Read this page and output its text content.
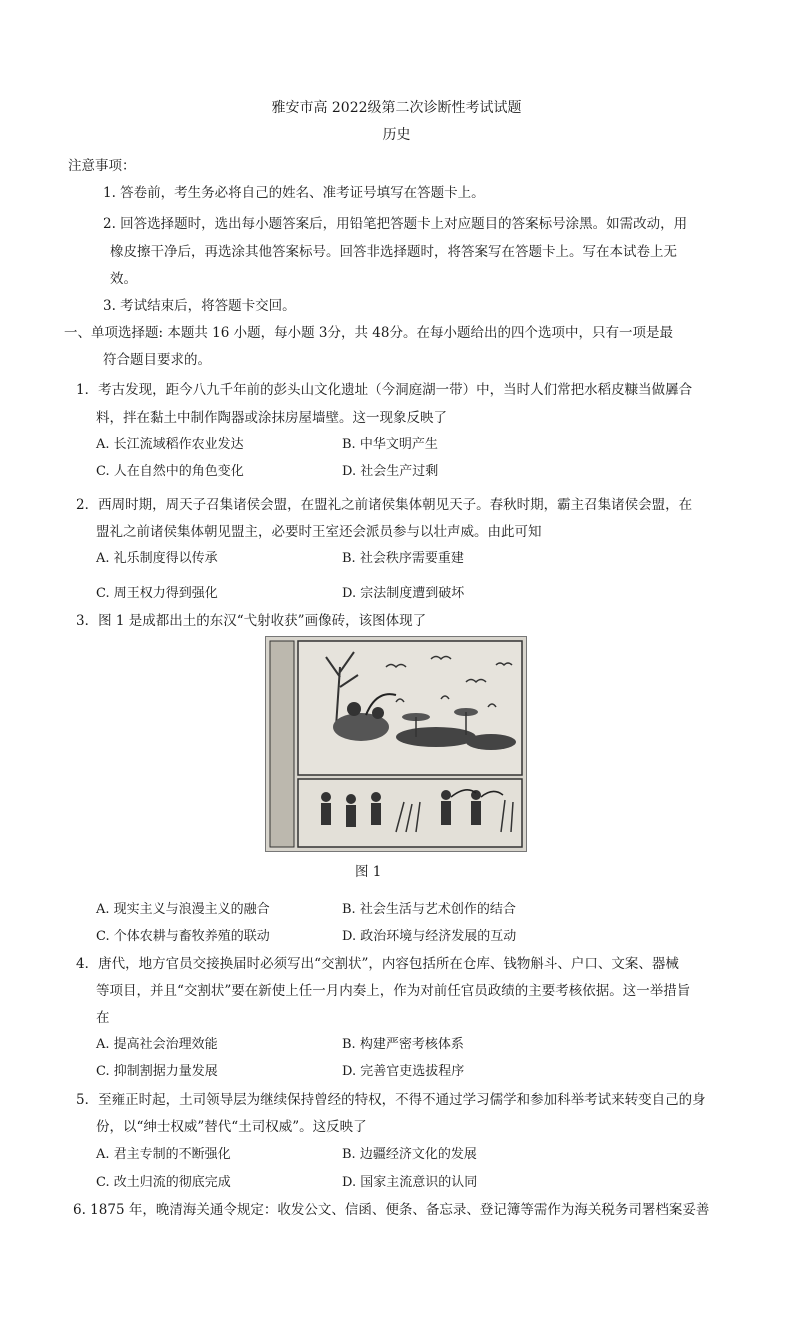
雅安市高 2022级第二次诊断性考试试题
历史
注意事项：
1. 答卷前，考生务必将自己的姓名、准考证号填写在答题卡上。
2. 回答选择题时，选出每小题答案后，用铅笔把答题卡上对应题目的答案标号涂黑。如需改动，用
橡皮擦干净后，再选涂其他答案标号。回答非选择题时，将答案写在答题卡上。写在本试卷上无
效。
3. 考试结束后，将答题卡交回。
一、单项选择题: 本题共 16 小题，每小题 3分，共 48分。在每小题给出的四个选项中，只有一项是最
符合题目要求的。
1．考古发现，距今八九千年前的彭头山文化遗址（今洞庭湖一带）中，当时人们常把水稻皮糠当做羼合
料，拌在黏土中制作陶器或涂抹房屋墙壁。这一现象反映了
A. 长江流域稻作农业发达	B. 中华文明产生
C. 人在自然中的角色变化	D. 社会生产过剩
2．西周时期，周天子召集诸侯会盟，在盟礼之前诸侯集体朝见天子。春秋时期，霸主召集诸侯会盟，在
盟礼之前诸侯集体朝见盟主，必要时王室还会派员参与以壮声威。由此可知
A. 礼乐制度得以传承	B. 社会秩序需要重建
C. 周王权力得到强化	D. 宗法制度遭到破坏
3．图 1 是成都出土的东汉“弋射收获”画像砖，该图体现了
图 1
A. 现实主义与浪漫主义的融合	B. 社会生活与艺术创作的结合
C. 个体农耕与畜牧养殖的联动	D. 政治环境与经济发展的互动
4．唐代，地方官员交接换届时必须写出“交割状”，内容包括所在仓库、钱物斛斗、户口、文案、器械
等项目，并且“交割状”要在新使上任一月内奏上，作为对前任官员政绩的主要考核依据。这一举措旨
在
A. 提高社会治理效能	B. 构建严密考核体系
C. 抑制割据力量发展	D. 完善官吏选拔程序
5．至雍正时起，土司领导层为继续保持曾经的特权，不得不通过学习儒学和参加科举考试来转变自己的身
份，以“绅士权威”替代“土司权威”。这反映了
A. 君主专制的不断强化	B. 边疆经济文化的发展
C. 改土归流的彻底完成	D. 国家主流意识的认同
6. 1875 年，晚清海关通令规定：收发公文、信函、便条、备忘录、登记簿等需作为海关税务司署档案妥善
